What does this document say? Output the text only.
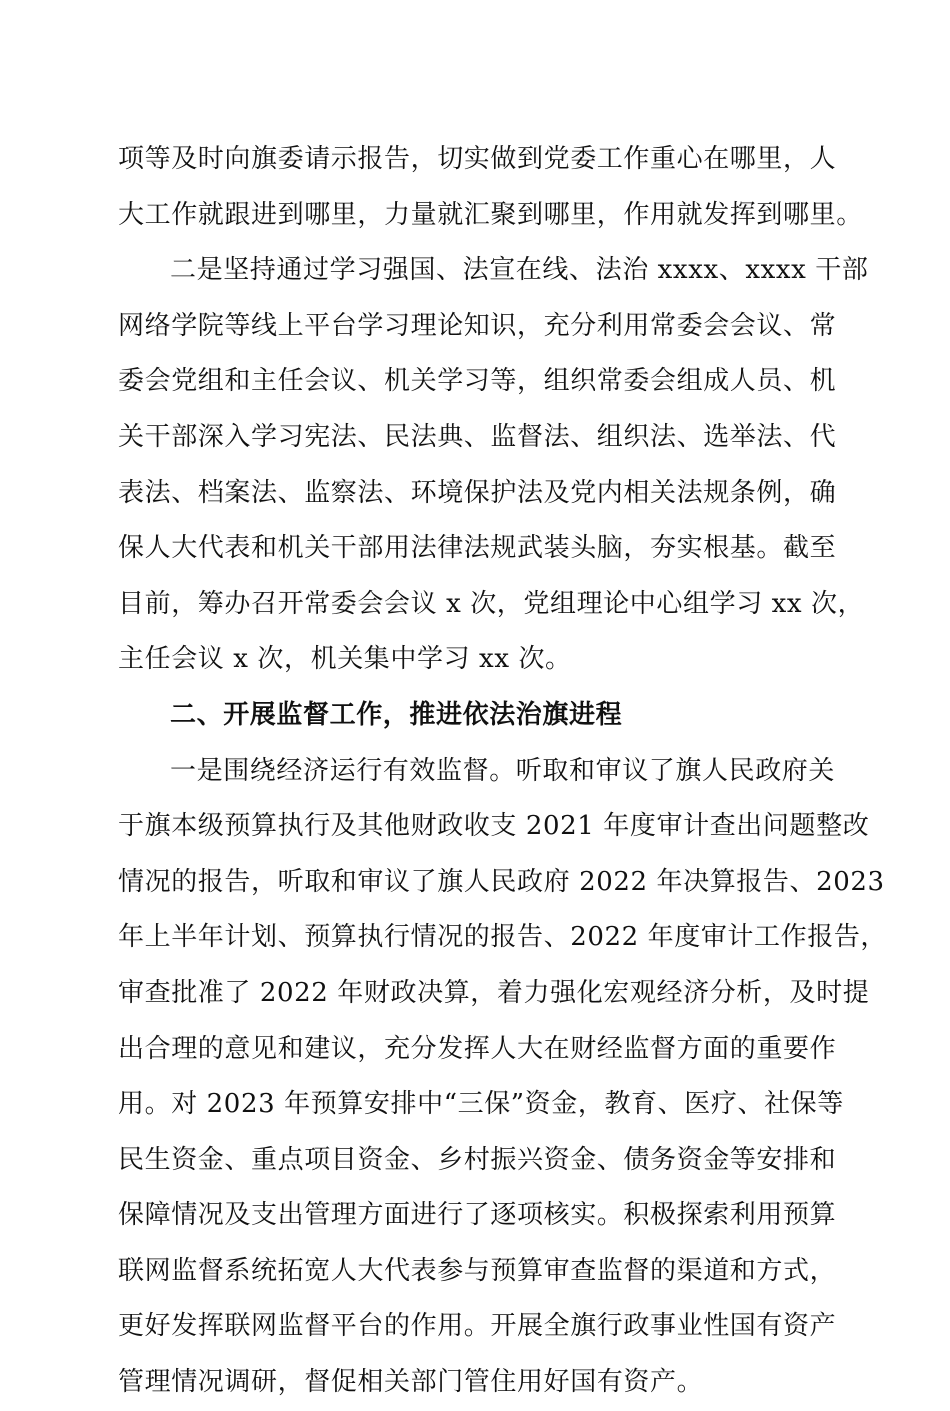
项等及时向旗委请示报告，切实做到党委工作重心在哪里，人
大工作就跟进到哪里，力量就汇聚到哪里，作用就发挥到哪里。
二是坚持通过学习强国、法宣在线、法治 xxxx、xxxx 干部
网络学院等线上平台学习理论知识，充分利用常委会会议、常
委会党组和主任会议、机关学习等，组织常委会组成人员、机
关干部深入学习宪法、民法典、监督法、组织法、选举法、代
表法、档案法、监察法、环境保护法及党内相关法规条例，确
保人大代表和机关干部用法律法规武装头脑，夯实根基。截至
目前，筹办召开常委会会议 x 次，党组理论中心组学习 xx 次，
主任会议 x 次，机关集中学习 xx 次。
二、开展监督工作，推进依法治旗进程
一是围绕经济运行有效监督。听取和审议了旗人民政府关
于旗本级预算执行及其他财政收支 2021 年度审计查出问题整改
情况的报告，听取和审议了旗人民政府 2022 年决算报告、2023
年上半年计划、预算执行情况的报告、2022 年度审计工作报告，
审查批准了 2022 年财政决算，着力强化宏观经济分析，及时提
出合理的意见和建议，充分发挥人大在财经监督方面的重要作
用。对 2023 年预算安排中“三保”资金，教育、医疗、社保等
民生资金、重点项目资金、乡村振兴资金、债务资金等安排和
保障情况及支出管理方面进行了逐项核实。积极探索利用预算
联网监督系统拓宽人大代表参与预算审查监督的渠道和方式，
更好发挥联网监督平台的作用。开展全旗行政事业性国有资产
管理情况调研，督促相关部门管住用好国有资产。
